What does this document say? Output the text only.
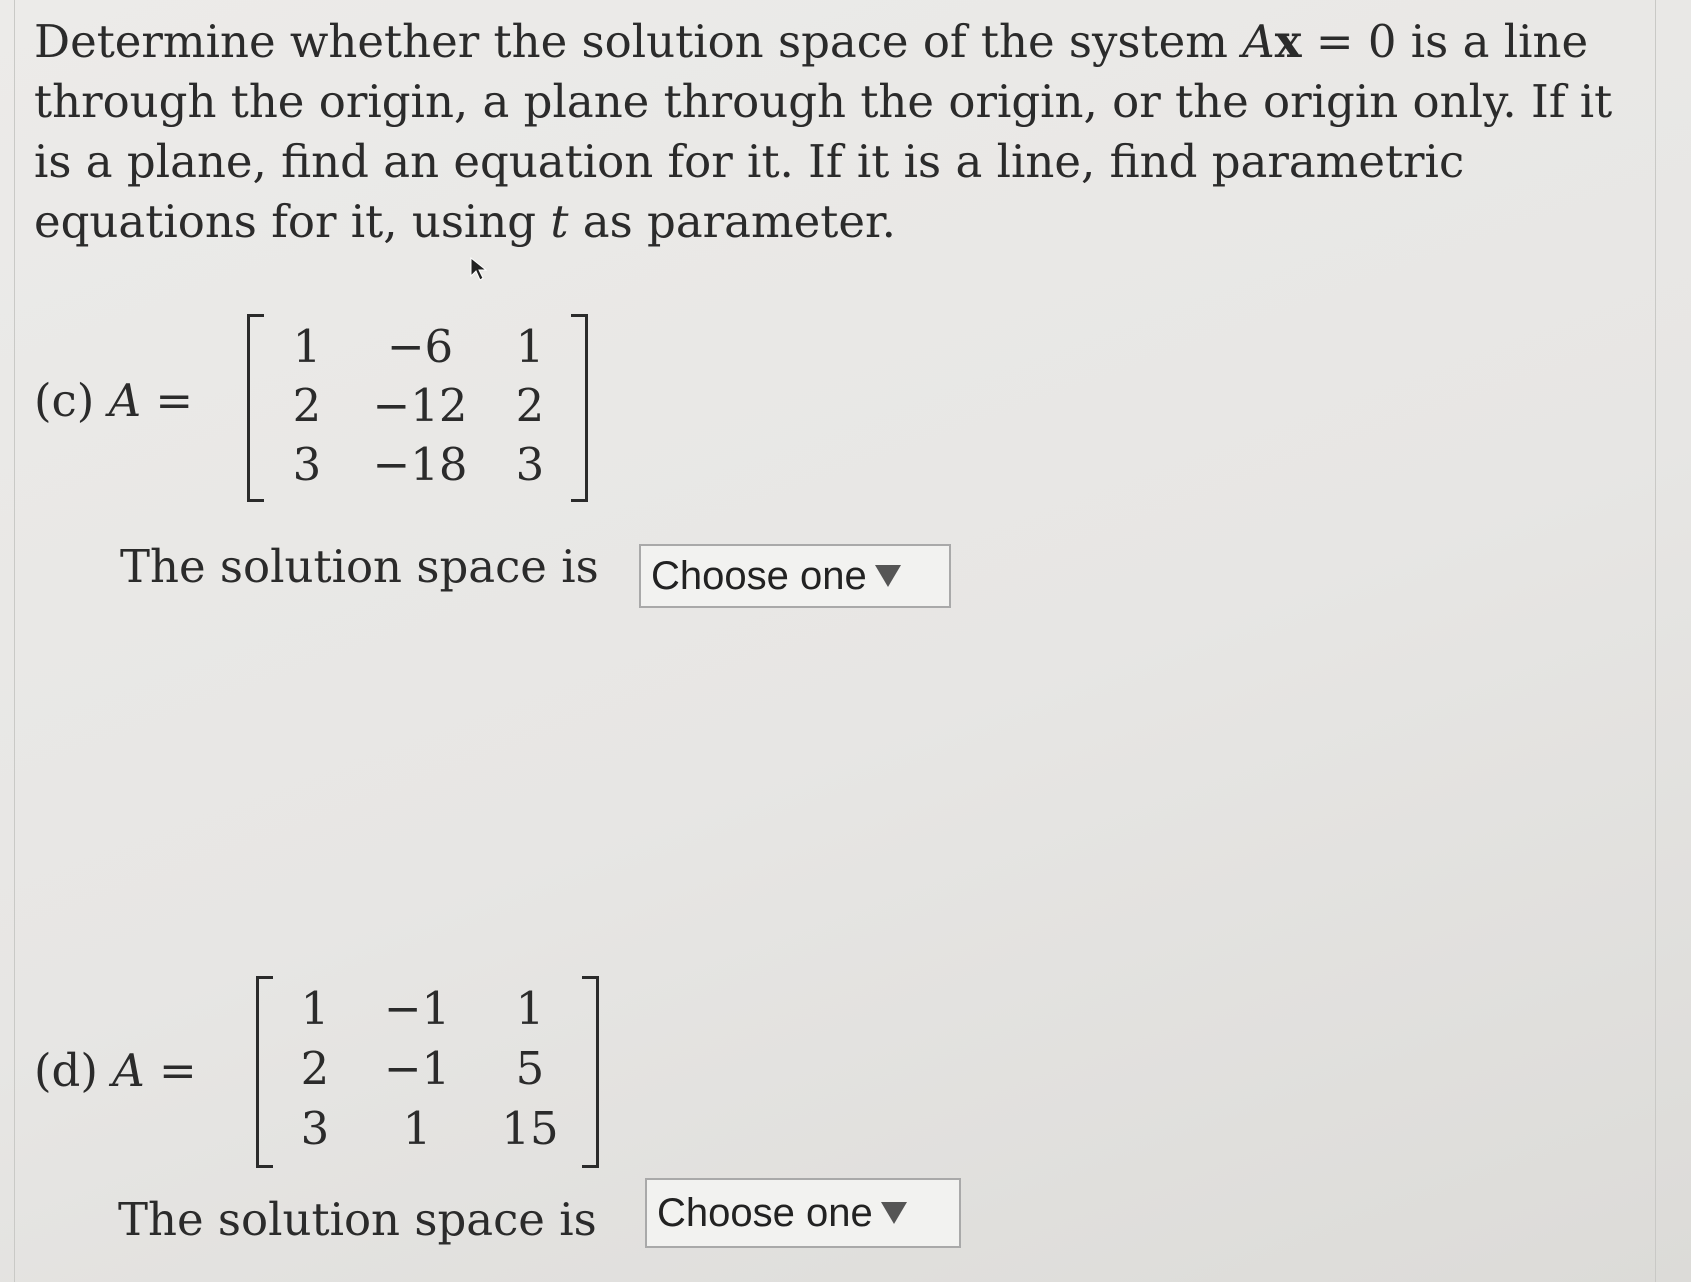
Determine whether the solution space of the system Ax = 0 is a line
through the origin, a plane through the origin, or the origin only. If it
is a plane, find an equation for it. If it is a line, find parametric
equations for it, using t as parameter.
(c) A =
1	−6	1
2	−12	2
3	−18	3
The solution space is Choose one
(d) A =
1	−1	1
2	−1	5
3	1	15
The solution space is Choose one
